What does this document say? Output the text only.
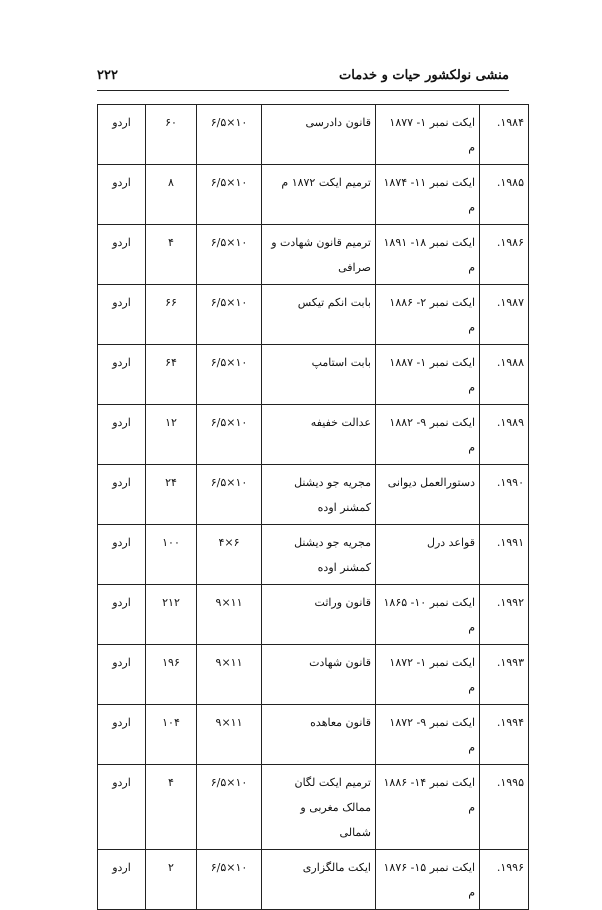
منشی نولکشور حیات و خدمات
۲۲۲
۱۹۸۴.	ایکت نمبر ۱- ۱۸۷۷ م	قانون دادرسی	۱۰×۶/۵	۶۰	اردو
۱۹۸۵.	ایکت نمبر ۱۱- ۱۸۷۴ م	ترمیم ایکت ۱۸۷۲ م	۱۰×۶/۵	۸	اردو
۱۹۸۶.	ایکت نمبر ۱۸- ۱۸۹۱ م	ترمیم قانون شهادت و صرافی	۱۰×۶/۵	۴	اردو
۱۹۸۷.	ایکت نمبر ۲- ۱۸۸۶ م	بابت انکم تیکس	۱۰×۶/۵	۶۶	اردو
۱۹۸۸.	ایکت نمبر ۱- ۱۸۸۷ م	بابت استامپ	۱۰×۶/۵	۶۴	اردو
۱۹۸۹.	ایکت نمبر ۹- ۱۸۸۲ م	عدالت خفیفه	۱۰×۶/۵	۱۲	اردو
۱۹۹۰.	دستورالعمل دیوانی	مجریه جو دیشنل کمشنر اوده	۱۰×۶/۵	۲۴	اردو
۱۹۹۱.	قواعد درل	مجریه جو دیشنل کمشنر اوده	۶×۴	۱۰۰	اردو
۱۹۹۲.	ایکت نمبر ۱۰- ۱۸۶۵ م	قانون وراثت	۱۱×۹	۲۱۲	اردو
۱۹۹۳.	ایکت نمبر ۱- ۱۸۷۲ م	قانون شهادت	۱۱×۹	۱۹۶	اردو
۱۹۹۴.	ایکت نمبر ۹- ۱۸۷۲ م	قانون معاهده	۱۱×۹	۱۰۴	اردو
۱۹۹۵.	ایکت نمبر ۱۴- ۱۸۸۶ م	ترمیم ایکت لگان ممالک مغربی و شمالی	۱۰×۶/۵	۴	اردو
۱۹۹۶.	ایکت نمبر ۱۵- ۱۸۷۶ م	ایکت مالگزاری	۱۰×۶/۵	۲	اردو
